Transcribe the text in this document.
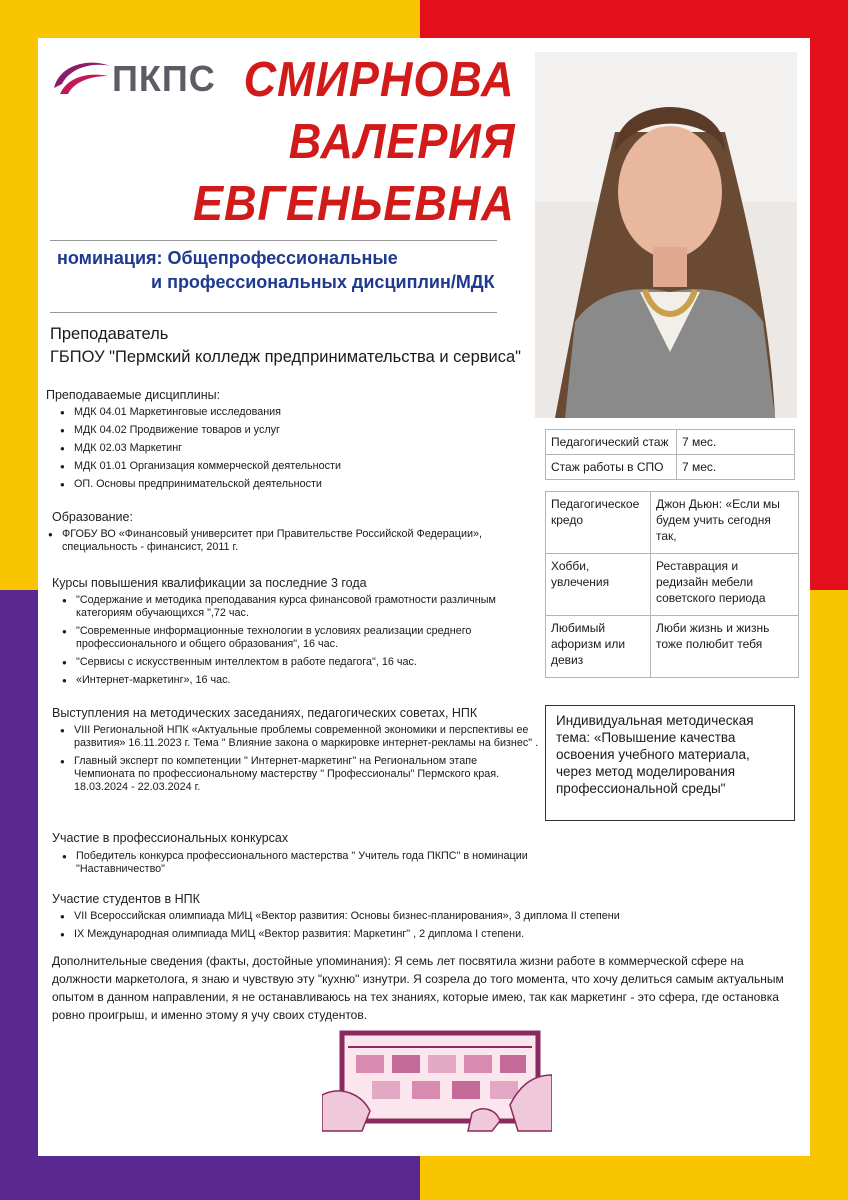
ПКПС СМИРНОВА
ВАЛЕРИЯ
ЕВГЕНЬЕВНА
номинация: Общепрофессиональные
и профессиональных дисциплин/МДК
Преподаватель
ГБПОУ "Пермский колледж предпринимательства и сервиса"
Преподаваемые дисциплины:
● МДК 04.01 Маркетинговые исследования
● МДК 04.02 Продвижение товаров и услуг
● МДК 02.03 Маркетинг
● МДК 01.01 Организация коммерческой деятельности
● ОП. Основы предпринимательской деятельности
Образование:
● ФГОБУ ВО «Финансовый университет при Правительстве Российской Федерации», специальность - финансист, 2011 г.
Курсы повышения квалификации за последние 3 года
● "Содержание и методика преподавания курса финансовой грамотности различным категориям обучающихся ",72 час.
● "Современные информационные технологии в условиях реализации среднего профессионального и общего образования", 16 час.
● "Сервисы с искусственным интеллектом в работе педагога", 16 час.
● «Интернет-маркетинг», 16 час.
Выступления на методических заседаниях, педагогических советах, НПК
● VIII Региональной НПК «Актуальные проблемы современной экономики и перспективы ее развития» 16.11.2023 г. Тема " Влияние закона о маркировке интернет-рекламы на бизнес" .
● Главный эксперт по компетенции " Интернет-маркетинг" на Региональном этапе Чемпионата по профессиональному мастерству " Профессионалы" Пермского края. 18.03.2024 - 22.03.2024 г.
Участие в профессиональных конкурсах
● Победитель конкурса профессионального мастерства " Учитель года ПКПС" в номинации "Наставничество"
Участие студентов в НПК
● VII Всероссийская олимпиада МИЦ «Вектор развития: Основы бизнес-планирования», 3 диплома II степени
● IX Международная олимпиада МИЦ «Вектор развития: Маркетинг" , 2 диплома I степени.
Дополнительные сведения (факты, достойные упоминания): Я семь лет посвятила жизни работе в коммерческой сфере на должности маркетолога, я знаю и чувствую эту "кухню" изнутри. Я созрела до того момента, что хочу делиться самым актуальным опытом в данном направлении, я не останавливаюсь на тех знаниях, которые имею, так как маркетинг - это сфера, где остановка ровно проигрыш, и именно этому я учу своих студентов.
Педагогический стаж	7 мес.
Стаж работы в СПО	7 мес.
Педагогическое кредо	Джон Дьюн: «Если мы будем учить сегодня так,
Хобби, увлечения	Реставрация и редизайн мебели советского периода
Любимый афоризм или девиз	Люби жизнь и жизнь тоже полюбит тебя
Индивидуальная методическая тема: «Повышение качества освоения учебного материала, через метод моделирования профессиональной среды"
